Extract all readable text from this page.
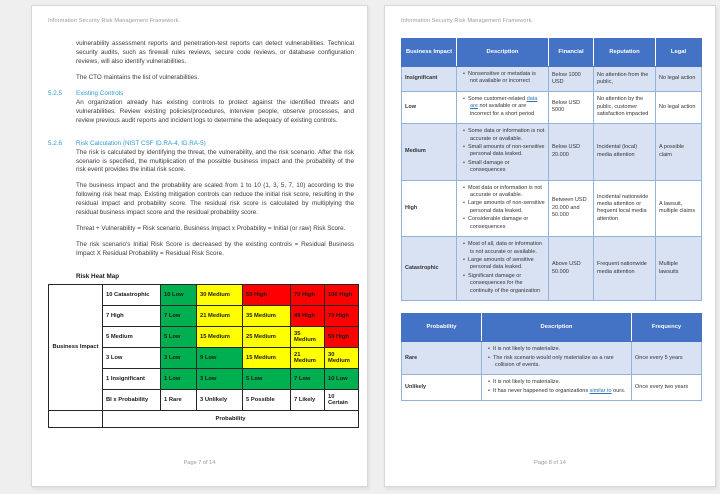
Information Security Risk Management Framework.

vulnerability assessment reports and penetration-test reports can detect vulnerabilities. Technical security audits, such as firewall rules reviews, secure code reviews, or database configuration reviews, will also identify vulnerabilities.

The CTO maintains the list of vulnerabilities.

5.2.5	Existing Controls

An organization already has existing controls to protect against the identified threats and vulnerabilities. Review existing policies/procedures, interview people, observe processes, and review previous audit reports and incident logs to determine the adequacy of existing controls.

5.2.6	Risk Calculation (NIST CSF ID.RA-4, ID.RA-5)

The risk is calculated by identifying the threat, the vulnerability, and the risk scenario. After the risk scenario is specified, the multiplication of the possible business impact and the probability of the risk event provides the initial risk score.

The business impact and the probability are scaled from 1 to 10 (1, 3, 5, 7, 10) according to the following risk heat map. Existing mitigation controls can reduce the initial risk score, resulting in the residual impact and probability score. The residual risk score is calculated by multiplying the residual business impact score and the residual probability score.

Threat + Vulnerability = Risk scenario. Business Impact x Probability = Initial (or raw) Risk Score.

The risk scenario's Initial Risk Score is decreased by the existing controls = Residual Business Impact X Residual Probability = Residual Risk Score.

Risk Heat Map
Business Impact	10 Catastrophic	10 Low	30 Medium	50 High	70 High	100 High
	7 High	7 Low	21 Medium	35 Medium	49 High	70 High
	5 Medium	5 Low	15 Medium	25 Medium	35 Medium	50 High
	3 Low	3 Low	9 Low	15 Medium	21 Medium	30 Medium
	1 Insignificant	1 Low	3 Low	5 Low	7 Low	10 Low
	BI x Probability	1 Rare	3 Unlikely	5 Possible	7 Likely	10 Certain
	Probability					
Page 7 of 14
Information Security Risk Management Framework.
Business Impact	Description	Financial	Reputation	Legal
Insignificant	•  Nonsensitive or metadata is not available or incorrect	Below 1000 USD	No attention from the public,	No legal action
Low	•  Some customer-related data are not available or are incorrect for a short period	Below USD 5000	No attention by the public, customer satisfaction impacted	No legal action
Medium	•  Some data or information is not accurate or available.
•  Small amounts of non-sensitive personal data leaked.
•  Small damage or consequences	Below USD 20.000	Incidental (local) media attention	A possible claim
High	•  Most data or information is not accurate or available.
•  Large amounts of non-sensitive personal data leaked.
•  Considerable damage or consequences	Between USD 20.000 and 50.000	Incidental nationwide media attention or frequent local media attention	A lawsuit, multiple claims
Catastrophic	•  Most of all, data or information is not accurate or available.
•  Large amounts of sensitive personal data leaked.
•  Significant damage or consequences for the continuity of the organization	Above USD 50.000	Frequent nationwide media attention	Multiple lawsuits
Probability	Description	Frequency
Rare	•  It is not likely to materialize.
•  The risk scenario would only materialize as a rare collision of events.	Once every 5 years
Unlikely	•  It is not likely to materialize.
•  It has never happened to organizations similar to ours.	Once every two years
Page 8 of 14
